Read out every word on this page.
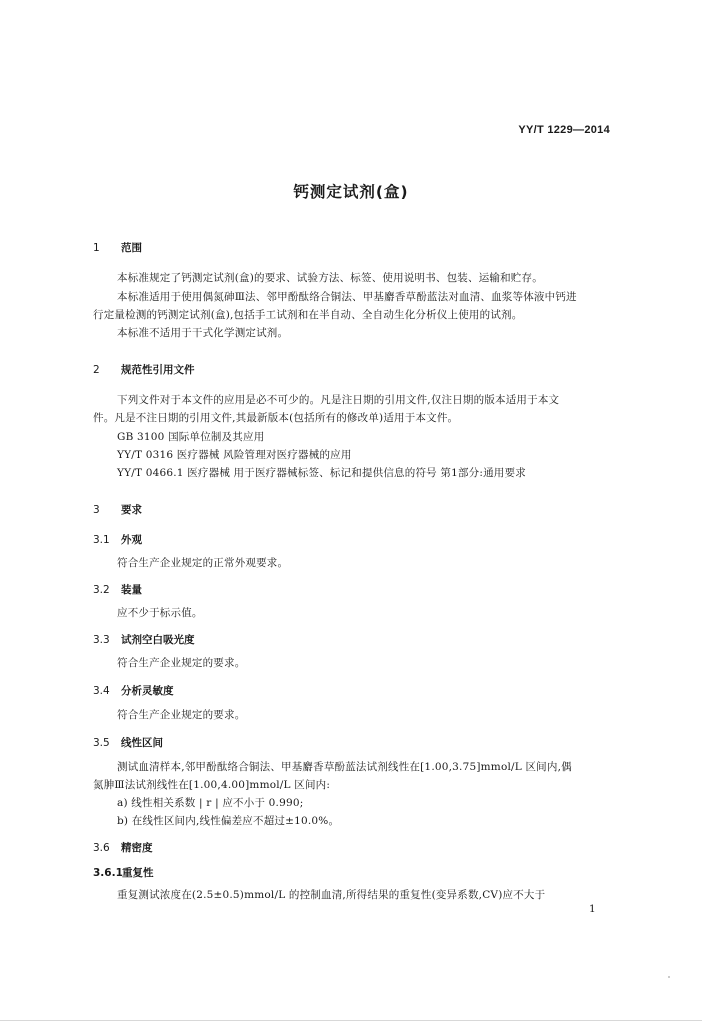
YY/T 1229—2014
钙测定试剂(盒)
1 范围
本标准规定了钙测定试剂(盒)的要求、试验方法、标签、使用说明书、包装、运输和贮存。
本标准适用于使用偶氮砷Ⅲ法、邻甲酚酞络合铜法、甲基麝香草酚蓝法对血清、血浆等体液中钙进
行定量检测的钙测定试剂(盒),包括手工试剂和在半自动、全自动生化分析仪上使用的试剂。
本标准不适用于干式化学测定试剂。
2 规范性引用文件
下列文件对于本文件的应用是必不可少的。凡是注日期的引用文件,仅注日期的版本适用于本文
件。凡是不注日期的引用文件,其最新版本(包括所有的修改单)适用于本文件。
GB 3100 国际单位制及其应用
YY/T 0316 医疗器械 风险管理对医疗器械的应用
YY/T 0466.1 医疗器械 用于医疗器械标签、标记和提供信息的符号 第1部分:通用要求
3 要求
3.1 外观
符合生产企业规定的正常外观要求。
3.2 装量
应不少于标示值。
3.3 试剂空白吸光度
符合生产企业规定的要求。
3.4 分析灵敏度
符合生产企业规定的要求。
3.5 线性区间
测试血清样本,邻甲酚酞络合铜法、甲基麝香草酚蓝法试剂线性在[1.00,3.75]mmol/L 区间内,偶
氮胂Ⅲ法试剂线性在[1.00,4.00]mmol/L 区间内:
a) 线性相关系数 | r | 应不小于 0.990;
b) 在线性区间内,线性偏差应不超过±10.0%。
3.6 精密度
3.6.1重复性
重复测试浓度在(2.5±0.5)mmol/L 的控制血清,所得结果的重复性(变异系数,CV)应不大于
1
